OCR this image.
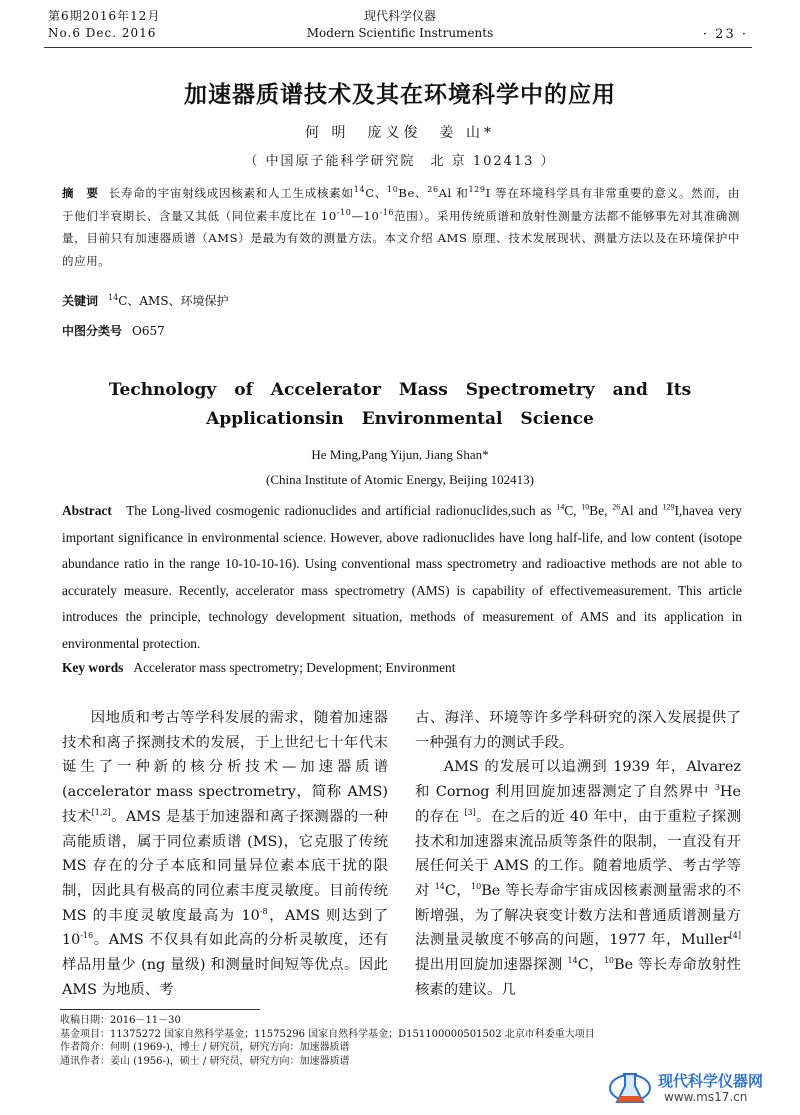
第6期2016年12月
No.6 Dec. 2016
现代科学仪器
Modern Scientific Instruments	· 23 ·
加速器质谱技术及其在环境科学中的应用
何 明　庞义俊　姜 山*
（ 中国原子能科学研究院　北 京 102413 ）
摘　要 长寿命的宇宙射线成因核素和人工生成核素如$^{14}$C、$^{10}$Be、$^{26}$Al 和$^{129}$I 等在环境科学具有非常重要的意义。然而，由于他们半衰期长、含量又其低（同位素丰度比在 $10^{-10}—10^{-16}$范围）。采用传统质谱和放射性测量方法都不能够事先对其准确测量，目前只有加速器质谱（AMS）是最为有效的测量方法。本文介绍 AMS 原理、技术发展现状、测量方法以及在环境保护中的应用。
关键词 $^{14}$C、AMS、环境保护
中图分类号 O657
Technology of Accelerator Mass Spectrometry and Its Applicationsin Environmental Science
He Ming,Pang Yijun, Jiang Shan*
(China Institute of Atomic Energy, Beijing 102413)
Abstract The Long-lived cosmogenic radionuclides and artificial radionuclides,such as $^{14}$C, $^{10}$Be, $^{26}$Al and $^{129}$I,havea very important significance in environmental science. However, above radionuclides have long half-life, and low content (isotope abundance ratio in the range 10-10-10-16). Using conventional mass spectrometry and radioactive methods are not able to accurately measure. Recently, accelerator mass spectrometry (AMS) is capability of effectivemeasurement. This article introduces the principle, technology development situation, methods of measurement of AMS and its application in environmental protection.
Key words Accelerator mass spectrometry; Development; Environment

因地质和考古等学科发展的需求，随着加速器技术和离子探测技术的发展，于上世纪七十年代末诞生了一种新的核分析技术—加速器质谱 (accelerator mass spectrometry，简称 AMS) 技术[1,2]。AMS 是基于加速器和离子探测器的一种高能质谱，属于同位素质谱 (MS)，它克服了传统 MS 存在的分子本底和同量异位素本底干扰的限制，因此具有极高的同位素丰度灵敏度。目前传统 MS 的丰度灵敏度最高为 $10^{-8}$，AMS 则达到了 $10^{-16}$。AMS 不仅具有如此高的分析灵敏度，还有样品用量少 (ng 量级) 和测量时间短等优点。因此 AMS 为地质、考

古、海洋、环境等许多学科研究的深入发展提供了一种强有力的测试手段。

AMS 的发展可以追溯到 1939 年，Alvarez 和 Cornog 利用回旋加速器测定了自然界中 $^3$He 的存在 [3]。在之后的近 40 年中，由于重粒子探测技术和加速器束流品质等条件的限制，一直没有开展任何关于 AMS 的工作。随着地质学、考古学等对 $^{14}$C，$^{10}$Be 等长寿命宇宙成因核素测量需求的不断增强，为了解决衰变计数方法和普通质谱测量方法测量灵敏度不够高的问题，1977 年，Muller[4] 提出用回旋加速器探测 $^{14}$C，$^{10}$Be 等长寿命放射性核素的建议。几

收稿日期：2016－11－30
基金项目：11375272 国家自然科学基金；11575296 国家自然科学基金；D151100000501502 北京市科委重大项目
作者简介：何明 (1969-)，博士 / 研究员，研究方向：加速器质谱
通讯作者：姜山 (1956-)，硕士 / 研究员，研究方向：加速器质谱
现代科学仪器网
www.ms17.cn
